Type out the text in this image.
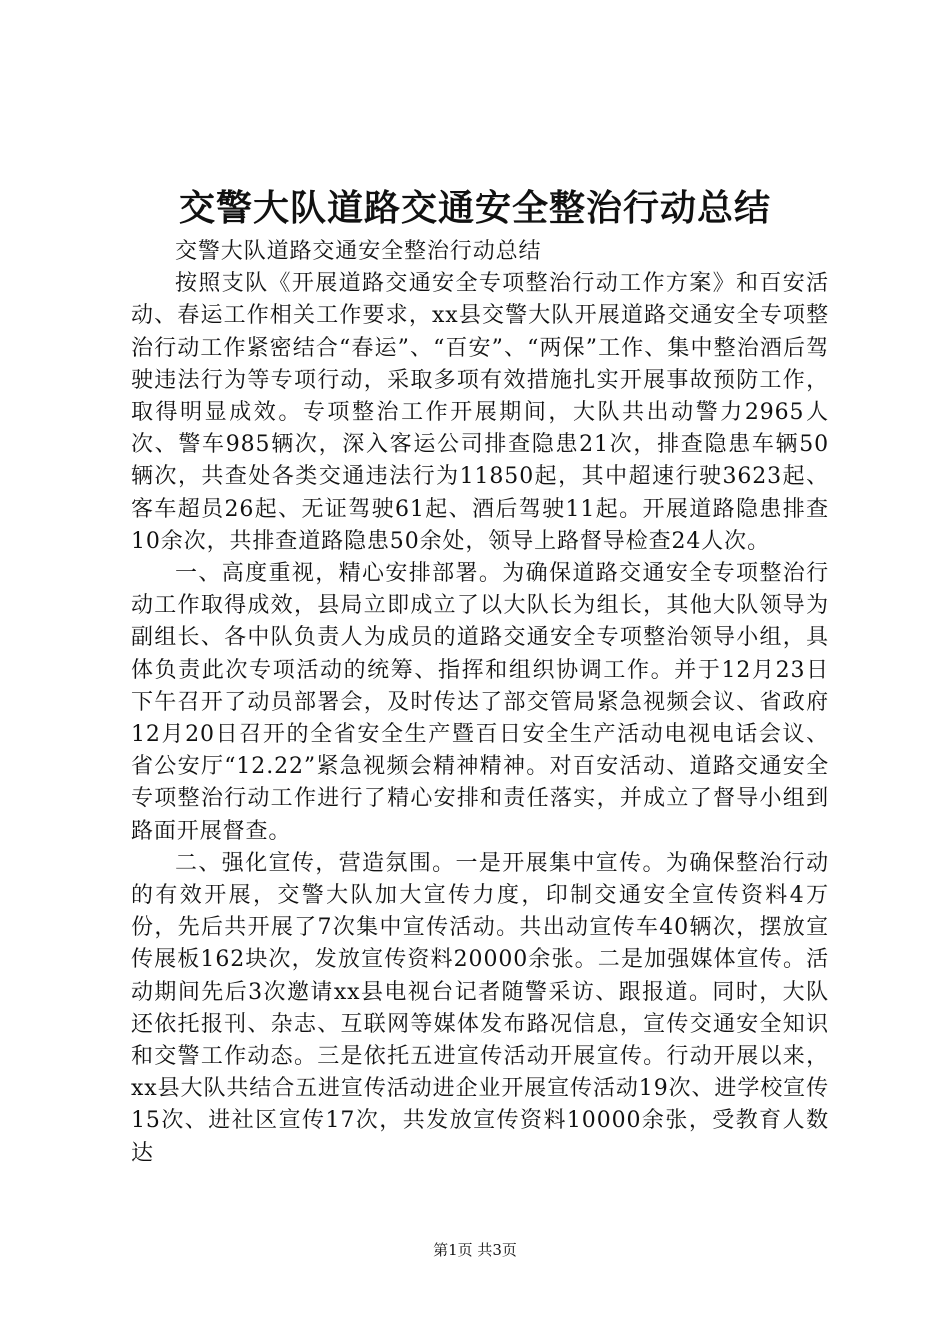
交警大队道路交通安全整治行动总结

交警大队道路交通安全整治行动总结

按照支队《开展道路交通安全专项整治行动工作方案》和百安活动、春运工作相关工作要求，xx县交警大队开展道路交通安全专项整治行动工作紧密结合“春运”、“百安”、“两保”工作、集中整治酒后驾驶违法行为等专项行动，采取多项有效措施扎实开展事故预防工作，取得明显成效。专项整治工作开展期间，大队共出动警力2965人次、警车985辆次，深入客运公司排查隐患21次，排查隐患车辆50辆次，共查处各类交通违法行为11850起，其中超速行驶3623起、客车超员26起、无证驾驶61起、酒后驾驶11起。开展道路隐患排查10余次，共排查道路隐患50余处，领导上路督导检查24人次。

一、高度重视，精心安排部署。为确保道路交通安全专项整治行动工作取得成效，县局立即成立了以大队长为组长，其他大队领导为副组长、各中队负责人为成员的道路交通安全专项整治领导小组，具体负责此次专项活动的统筹、指挥和组织协调工作。并于12月23日下午召开了动员部署会，及时传达了部交管局紧急视频会议、省政府12月20日召开的全省安全生产暨百日安全生产活动电视电话会议、省公安厅“12.22”紧急视频会精神精神。对百安活动、道路交通安全专项整治行动工作进行了精心安排和责任落实，并成立了督导小组到路面开展督查。

二、强化宣传，营造氛围。一是开展集中宣传。为确保整治行动的有效开展，交警大队加大宣传力度，印制交通安全宣传资料4万份，先后共开展了7次集中宣传活动。共出动宣传车40辆次，摆放宣传展板162块次，发放宣传资料20000余张。二是加强媒体宣传。活动期间先后3次邀请xx县电视台记者随警采访、跟报道。同时，大队还依托报刊、杂志、互联网等媒体发布路况信息，宣传交通安全知识和交警工作动态。三是依托五进宣传活动开展宣传。行动开展以来，xx县大队共结合五进宣传活动进企业开展宣传活动19次、进学校宣传15次、进社区宣传17次，共发放宣传资料10000余张，受教育人数达

第1页 共3页
